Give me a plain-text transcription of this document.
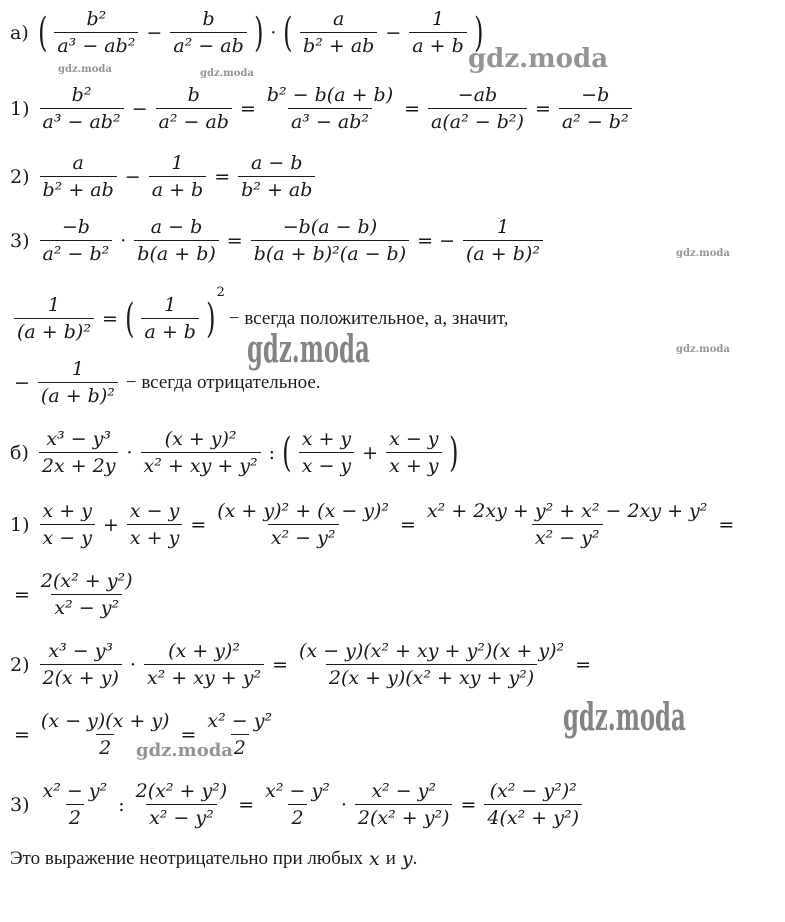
а) ( $\frac{\text{b²}}{\text{a³ − ab²}} - \frac{b}{\text{a² − ab}}$ ) · ( $\frac{a}{\text{b² + ab}} - \frac{1}{a + b}$ )
$1) \frac{\text{b²}}{\text{a³ − ab²}} - \frac{b}{\text{a² − ab}} = \frac{\text{b² − b(a + b)}}{\text{a³ − ab²}} = \frac{-ab}{\text{a(a² − b²)}} = \frac{-b}{\text{a² − b²}}$
$2) \frac{a}{\text{b² + ab}} - \frac{1}{a + b} = \frac{a - b}{\text{b² + ab}}$
$3) \frac{-b}{\text{a² − b²}} \cdot \frac{a - b}{b(a + b)} = \frac{-b(a - b)}{\text{b(a + b)²(a − b)}}$ = − $\frac{1}{\text{(a + b)²}}$
$\frac{1}{\text{(a + b)²}}$ = ( $\frac{1}{a + b}$ )
2
− всегда положительное, а, значит,
− $\frac{1}{\text{(a + b)²}}$ − всегда отрицательное.
$б) \frac{\text{x³ − y³}}{2x + 2y} \cdot \frac{\text{(x + y)²}}{\text{x² + xy + y²}}$ : ( $\frac{x + y}{x - y} + \frac{x - y}{x + y}$ )
$1) \frac{x + y}{x - y} + \frac{x - y}{x + y} = \frac{\text{(x + y)² + (x − y)²}}{\text{x² − y²}} = \frac{\text{x² + 2xy + y² + x² − 2xy + y²}}{\text{x² − y²}}$ =
= $\frac{\text{2(x² + y²)}}{\text{x² − y²}}$
$2) \frac{\text{x³ − y³}}{2(x + y)} \cdot \frac{\text{(x + y)²}}{\text{x² + xy + y²}} = \frac{\text{(x − y)(x² + xy + y²)(x + y)²}}{\text{2(x + y)(x² + xy + y²)}}$ =
= $\frac{(x - y)(x + y)}{2} = \frac{\text{x² − y²}}{2}$
$3) \frac{\text{x² − y²}}{2}$ : $\frac{\text{2(x² + y²)}}{\text{x² − y²}} = \frac{\text{x² − y²}}{2} \cdot \frac{\text{x² − y²}}{\text{2(x² + y²)}} = \frac{\text{(x² − y²)²}}{\text{4(x² + y²)}}$
Это выражение неотрицательно при любых x и y .
gdz.moda	gdz.moda	gdz.moda
gdz.moda
gdz.moda
gdz.moda
gdz.moda
gdz.moda
